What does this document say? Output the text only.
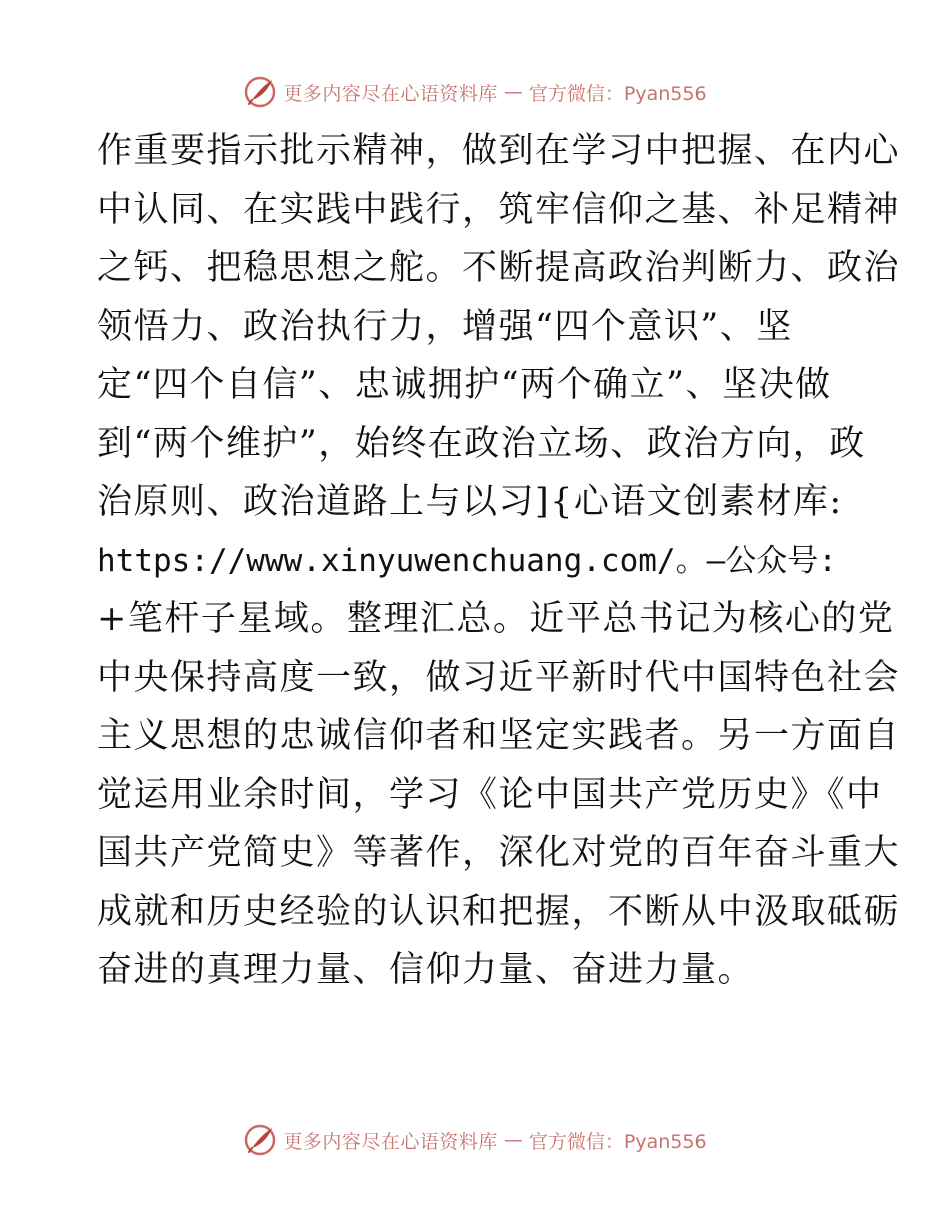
更多内容尽在心语资料库 — 官方微信：Pyan556
作重要指示批示精神，做到在学习中把握、在内心
中认同、在实践中践行，筑牢信仰之基、补足精神
之钙、把稳思想之舵。不断提高政治判断力、政治
领悟力、政治执行力，增强“四个意识”、坚
定“四个自信”、忠诚拥护“两个确立”、坚决做
到“两个维护”，始终在政治立场、政治方向，政
治原则、政治道路上与以习]{心语文创素材库:
https://www.xinyuwenchuang.com/。—公众号:
+笔杆子星域。整理汇总。近平总书记为核心的党
中央保持高度一致，做习近平新时代中国特色社会
主义思想的忠诚信仰者和坚定实践者。另一方面自
觉运用业余时间，学习《论中国共产党历史》《中
国共产党简史》等著作，深化对党的百年奋斗重大
成就和历史经验的认识和把握，不断从中汲取砥砺
奋进的真理力量、信仰力量、奋进力量。
更多内容尽在心语资料库 — 官方微信：Pyan556
